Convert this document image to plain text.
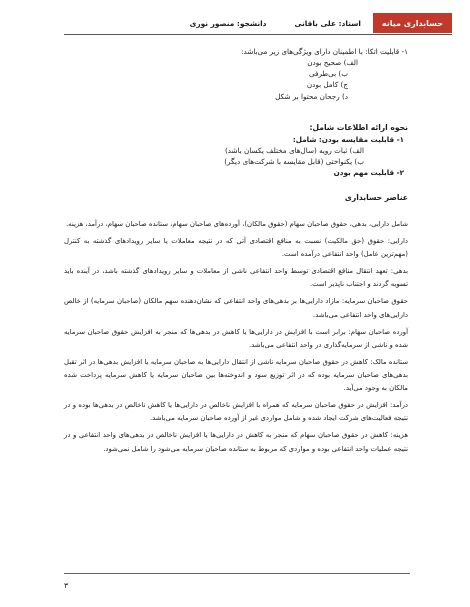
حسابداری میانه
استاد: علی باقانی
دانشجو: منصور نوری
۱- قابلیت اتکا: با اطمینان دارای ویژگی‌های زیر می‌باشد:
الف) صحیح بودن
ب) بی‌طرفی
ج) کامل بودن
د) رجحان محتوا بر شکل
نحوه ارائه اطلاعات شامل:
۱- قابلیت مقایسه بودن: شامل:
الف) ثبات رویه (سال‌های مختلف یکسان باشد)
ب) یکنواختی (قابل مقایسه با شرکت‌های دیگر)
۲- قابلیت مهم بودن
عناصر حسابداری

شامل دارایی، بدهی، حقوق صاحبان سهام (حقوق مالکان)، آورده‌های صاحبان سهام، ستانده صاحبان سهام، درآمد، هزینه.

دارایی: حقوق (حق مالکیت) نسبت به منافع اقتصادی آتی که در نتیجه معاملات یا سایر رویدادهای گذشته به کنترل (مهم‌ترین عامل) واحد انتفاعی درآمده است.

بدهی: تعهد انتقال منافع اقتصادی توسط واحد انتفاعی ناشی از معاملات و سایر رویدادهای گذشته باشد، در آینده باید تسویه گردند و اجتناب ناپذیر است.

حقوق صاحبان سرمایه: مازاد دارایی‌ها بر بدهی‌های واحد انتفاعی که نشان‌دهنده سهم مالکان (صاحبان سرمایه) از خالص دارایی‌های واحد انتفاعی می‌باشد.

آورده صاحبان سهام: برابر است با افزایش در دارایی‌ها یا کاهش در بدهی‌ها که منجر به افزایش حقوق صاحبان سرمایه شده و ناشی از سرمایه‌گذاری در واحد انتفاعی می‌باشد.

ستانده مالک: کاهش در حقوق صاحبان سرمایه ناشی از انتقال دارایی‌ها به صاحبان سرمایه یا افزایش بدهی‌ها در اثر تقبل بدهی‌های صاحبان سرمایه بوده که در اثر توزیع سود و اندوخته‌ها بین صاحبان سرمایه یا کاهش سرمایه پرداخت شده مالکان به وجود می‌آید.

درآمد: افزایش در حقوق صاحبان سرمایه که همراه با افزایش ناخالص در دارایی‌ها یا کاهش ناخالص در بدهی‌ها بوده و در نتیجه فعالیت‌های شرکت ایجاد شده و شامل مواردی غیر از آورده صاحبان سرمایه می‌باشد.

هزینه: کاهش در حقوق صاحبان سهام که منجر به کاهش در دارایی‌ها یا افزایش ناخالص در بدهی‌های واحد انتفاعی و در نتیجه عملیات واحد انتفاعی بوده و مواردی که مربوط به ستانده صاحبان سرمایه می‌شود را شامل نمی‌شود.

۳
